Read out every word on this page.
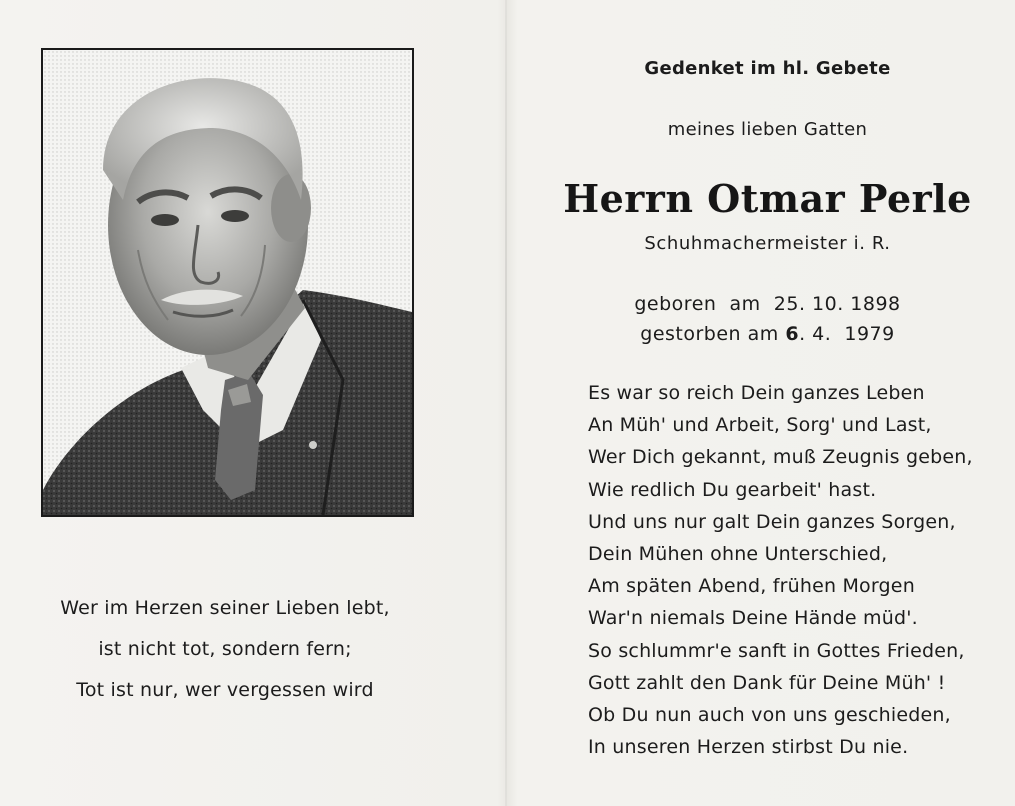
Wer im Herzen seiner Lieben lebt,
ist nicht tot, sondern fern;
Tot ist nur, wer vergessen wird
Gedenket im hl. Gebete
meines lieben Gatten
Herrn Otmar Perle
Schuhmachermeister i. R.
geboren am 25. 10. 1898
gestorben am 6. 4.  1979
Es war so reich Dein ganzes Leben
An Müh' und Arbeit, Sorg' und Last,
Wer Dich gekannt, muß Zeugnis geben,
Wie redlich Du gearbeit' hast.
Und uns nur galt Dein ganzes Sorgen,
Dein Mühen ohne Unterschied,
Am späten Abend, frühen Morgen
War'n niemals Deine Hände müd'.
So schlummr'e sanft in Gottes Frieden,
Gott zahlt den Dank für Deine Müh' !
Ob Du nun auch von uns geschieden,
In unseren Herzen stirbst Du nie.
